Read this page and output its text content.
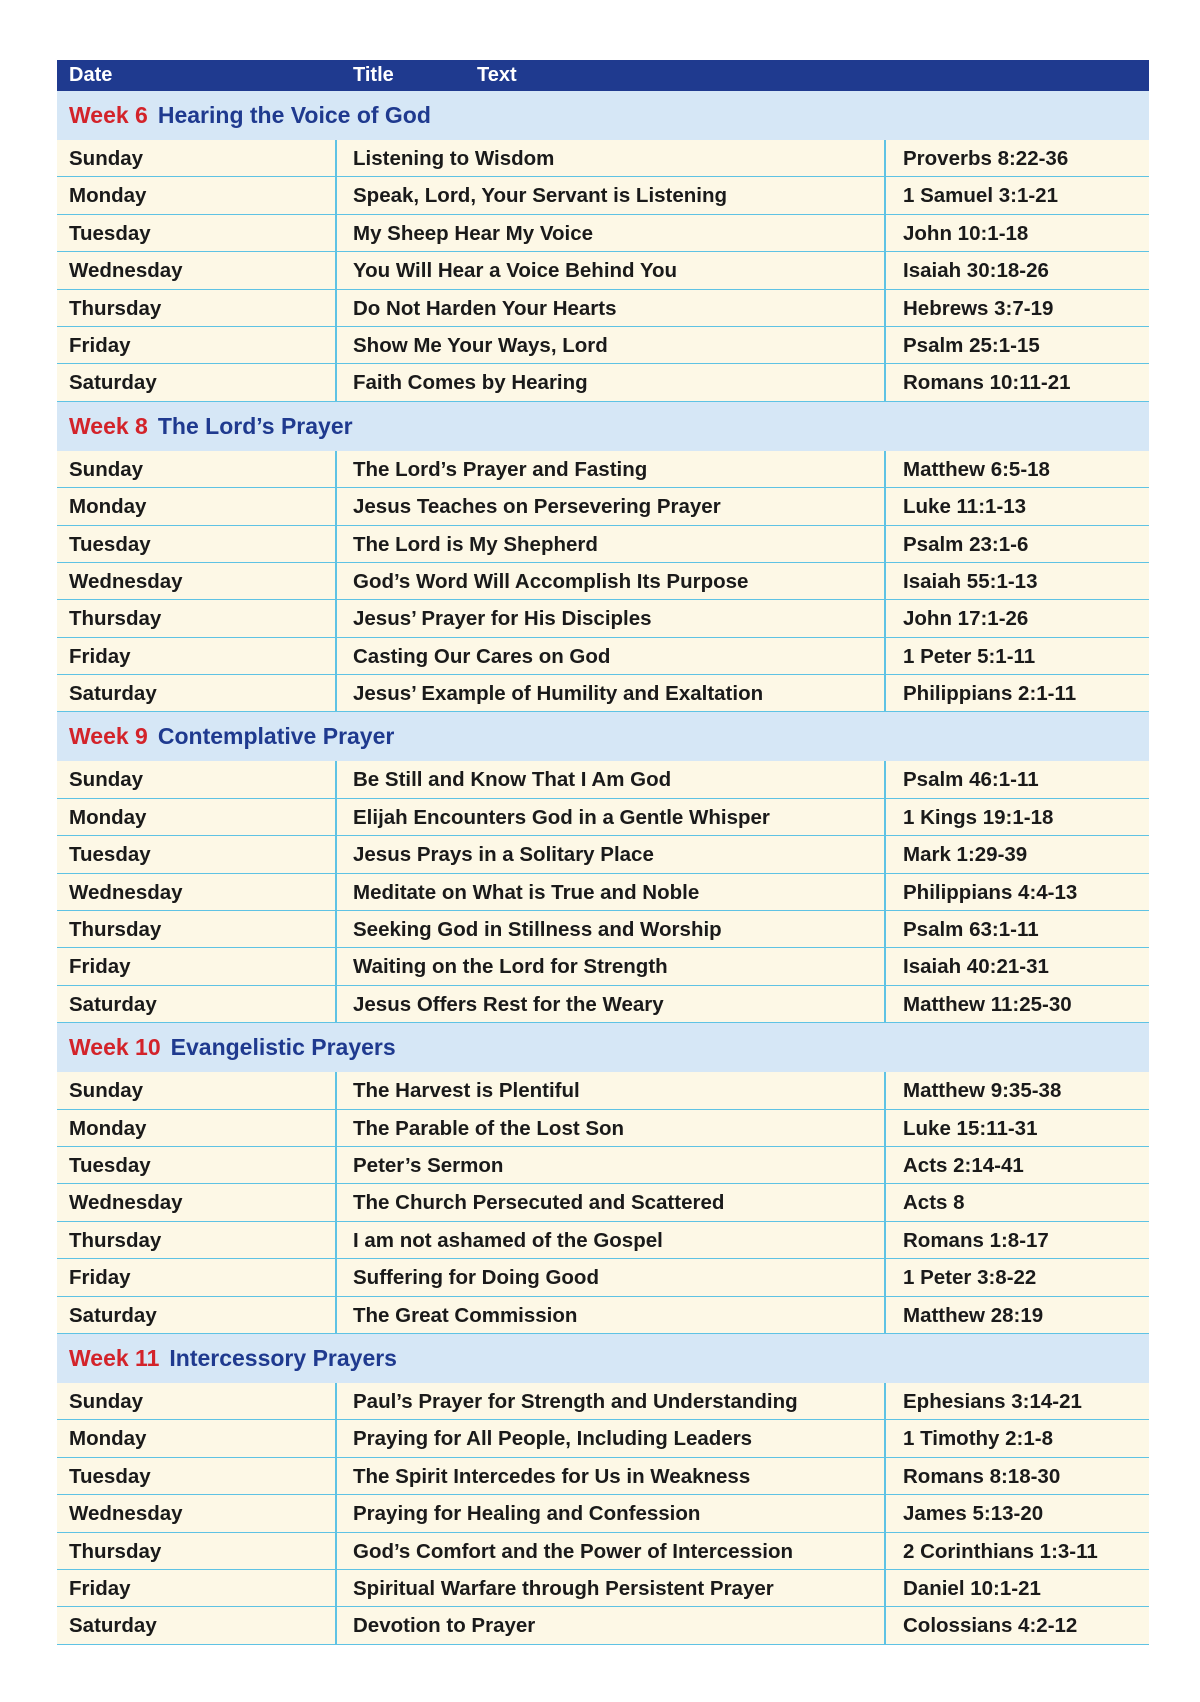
Date	Title	Text
Week 6 Hearing the Voice of God
Sunday	Listening to Wisdom	Proverbs 8:22-36
Monday	Speak, Lord, Your Servant is Listening	1 Samuel 3:1-21
Tuesday	My Sheep Hear My Voice	John 10:1-18
Wednesday	You Will Hear a Voice Behind You	Isaiah 30:18-26
Thursday	Do Not Harden Your Hearts	Hebrews 3:7-19
Friday	Show Me Your Ways, Lord	Psalm 25:1-15
Saturday	Faith Comes by Hearing	Romans 10:11-21
Week 8 The Lord’s Prayer
Sunday	The Lord’s Prayer and Fasting	Matthew 6:5-18
Monday	Jesus Teaches on Persevering Prayer	Luke 11:1-13
Tuesday	The Lord is My Shepherd	Psalm 23:1-6
Wednesday	God’s Word Will Accomplish Its Purpose	Isaiah 55:1-13
Thursday	Jesus’ Prayer for His Disciples	John 17:1-26
Friday	Casting Our Cares on God	1 Peter 5:1-11
Saturday	Jesus’ Example of Humility and Exaltation	Philippians 2:1-11
Week 9 Contemplative Prayer
Sunday	Be Still and Know That I Am God	Psalm 46:1-11
Monday	Elijah Encounters God in a Gentle Whisper	1 Kings 19:1-18
Tuesday	Jesus Prays in a Solitary Place	Mark 1:29-39
Wednesday	Meditate on What is True and Noble	Philippians 4:4-13
Thursday	Seeking God in Stillness and Worship	Psalm 63:1-11
Friday	Waiting on the Lord for Strength	Isaiah 40:21-31
Saturday	Jesus Offers Rest for the Weary	Matthew 11:25-30
Week 10 Evangelistic Prayers
Sunday	The Harvest is Plentiful	Matthew 9:35-38
Monday	The Parable of the Lost Son	Luke 15:11-31
Tuesday	Peter’s Sermon	Acts 2:14-41
Wednesday	The Church Persecuted and Scattered	Acts 8
Thursday	I am not ashamed of the Gospel	Romans 1:8-17
Friday	Suffering for Doing Good	1 Peter 3:8-22
Saturday	The Great Commission	Matthew 28:19
Week 11 Intercessory Prayers
Sunday	Paul’s Prayer for Strength and Understanding	Ephesians 3:14-21
Monday	Praying for All People, Including Leaders	1 Timothy 2:1-8
Tuesday	The Spirit Intercedes for Us in Weakness	Romans 8:18-30
Wednesday	Praying for Healing and Confession	James 5:13-20
Thursday	God’s Comfort and the Power of Intercession	2 Corinthians 1:3-11
Friday	Spiritual Warfare through Persistent Prayer	Daniel 10:1-21
Saturday	Devotion to Prayer	Colossians 4:2-12
